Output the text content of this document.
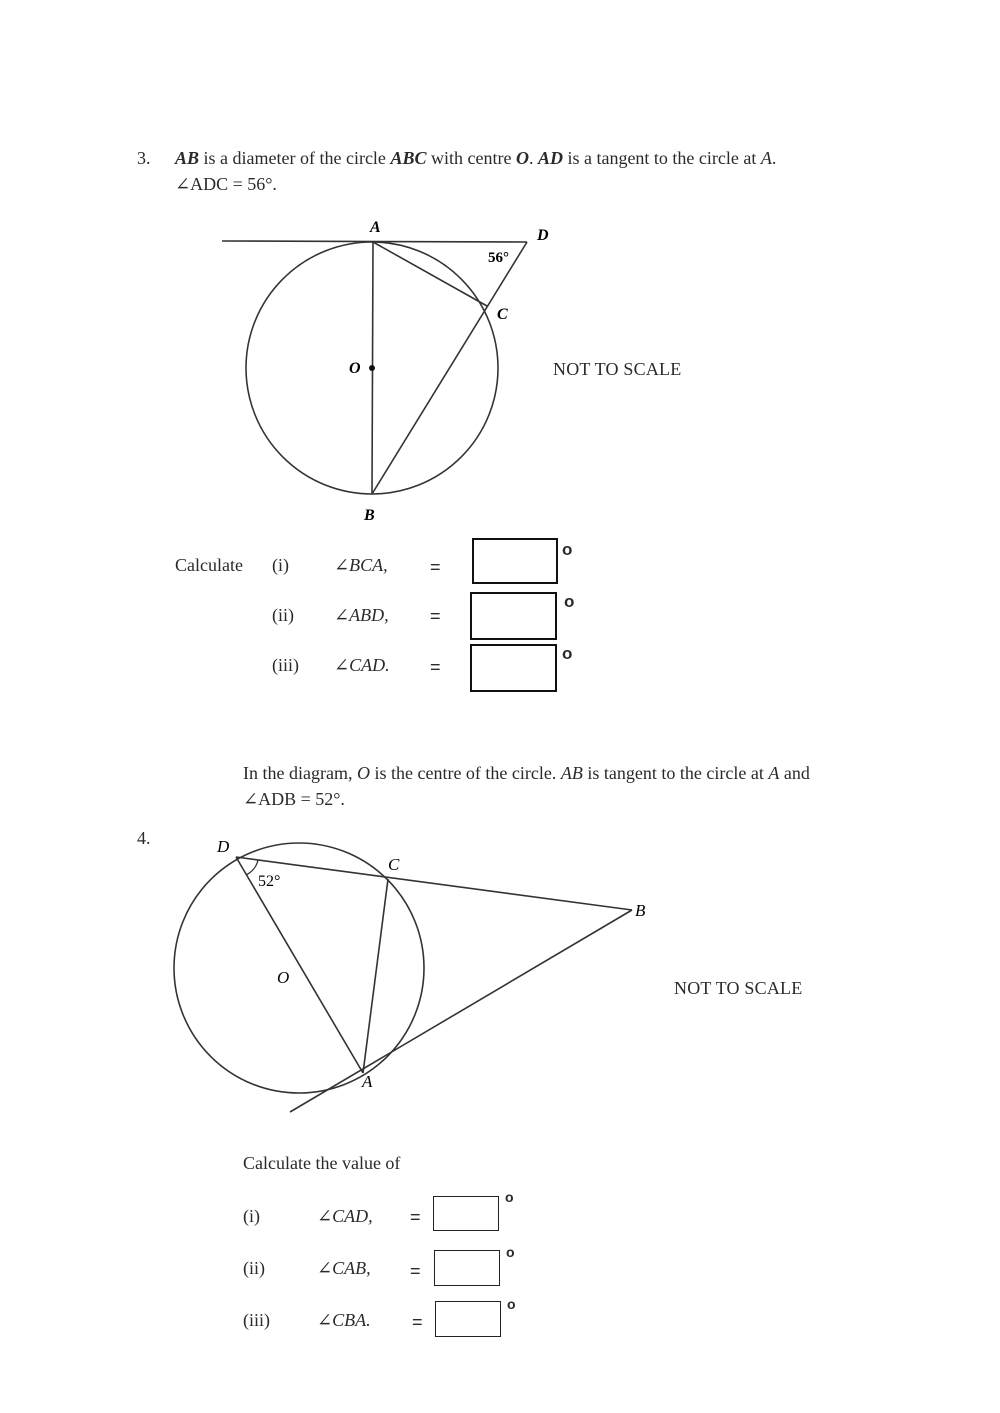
3. AB is a diameter of the circle ABC with centre O. AD is a tangent to the circle at A.
∠ADC = 56°.
A	D
C
O
B
56°
NOT TO SCALE
Calculate (i)	∠BCA, =
o
(ii) ∠ABD, =
o
(iii) ∠CAD. =
o
In the diagram, O is the centre of the circle. AB is tangent to the circle at A and
∠ADB = 52°.
4.	D
C
B
O
A
52°
NOT TO SCALE
Calculate the value of
(i)	∠CAD, =
o
(ii)	∠CAB, =
o
(iii)	∠CBA. =
o
